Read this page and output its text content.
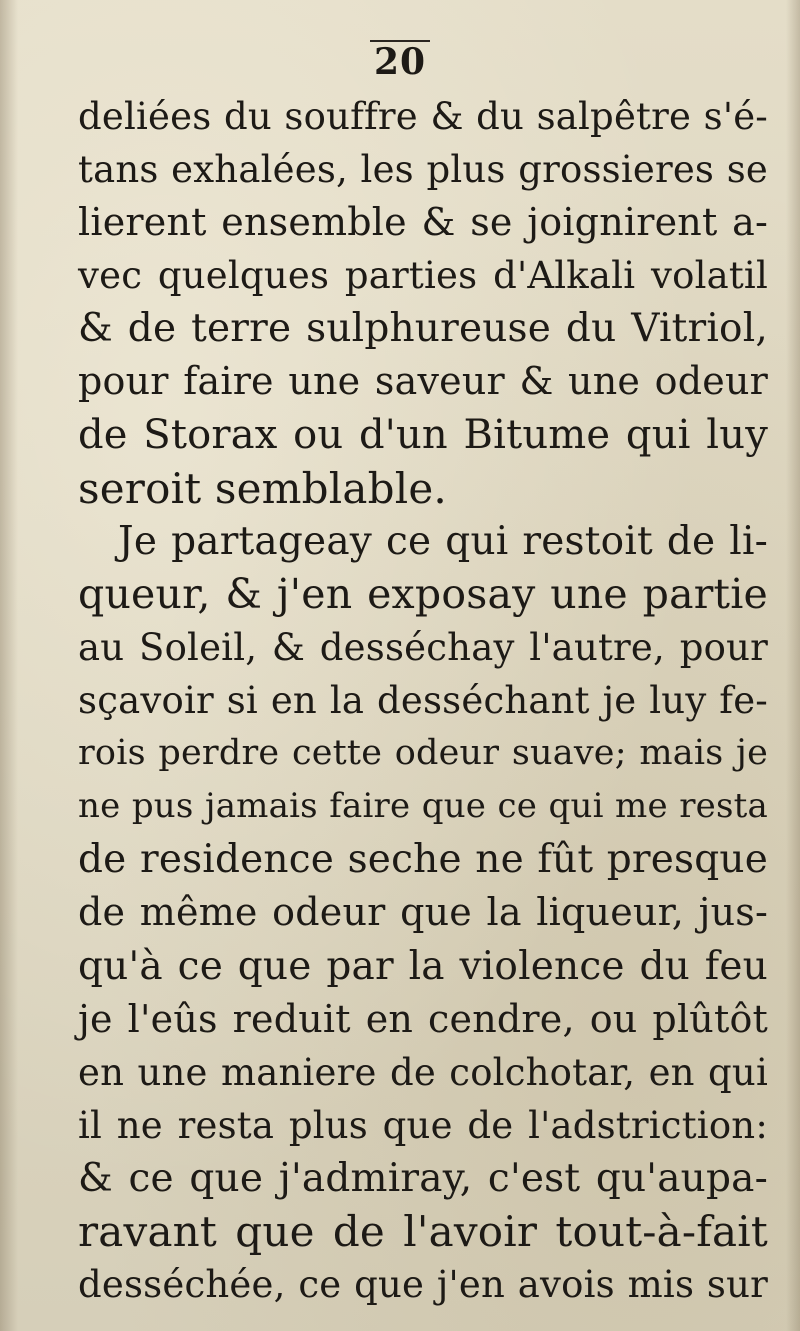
20
deliées du souffre & du salpêtre s'é-
tans exhalées, les plus grossieres se
lierent ensemble & se joignirent a-
vec quelques parties d'Alkali volatil
& de terre sulphureuse du Vitriol,
pour faire une saveur & une odeur
de Storax ou d'un Bitume qui luy
seroit semblable.
Je partageay ce qui restoit de li-
queur, & j'en exposay une partie
au Soleil, & desséchay l'autre, pour
sçavoir si en la desséchant je luy fe-
rois perdre cette odeur suave; mais je
ne pus jamais faire que ce qui me resta
de residence seche ne fût presque
de même odeur que la liqueur, jus-
qu'à ce que par la violence du feu
je l'eûs reduit en cendre, ou plûtôt
en une maniere de colchotar, en qui
il ne resta plus que de l'adstriction:
& ce que j'admiray, c'est qu'aupa-
ravant que de l'avoir tout-à-fait
desséchée, ce que j'en avois mis sur
